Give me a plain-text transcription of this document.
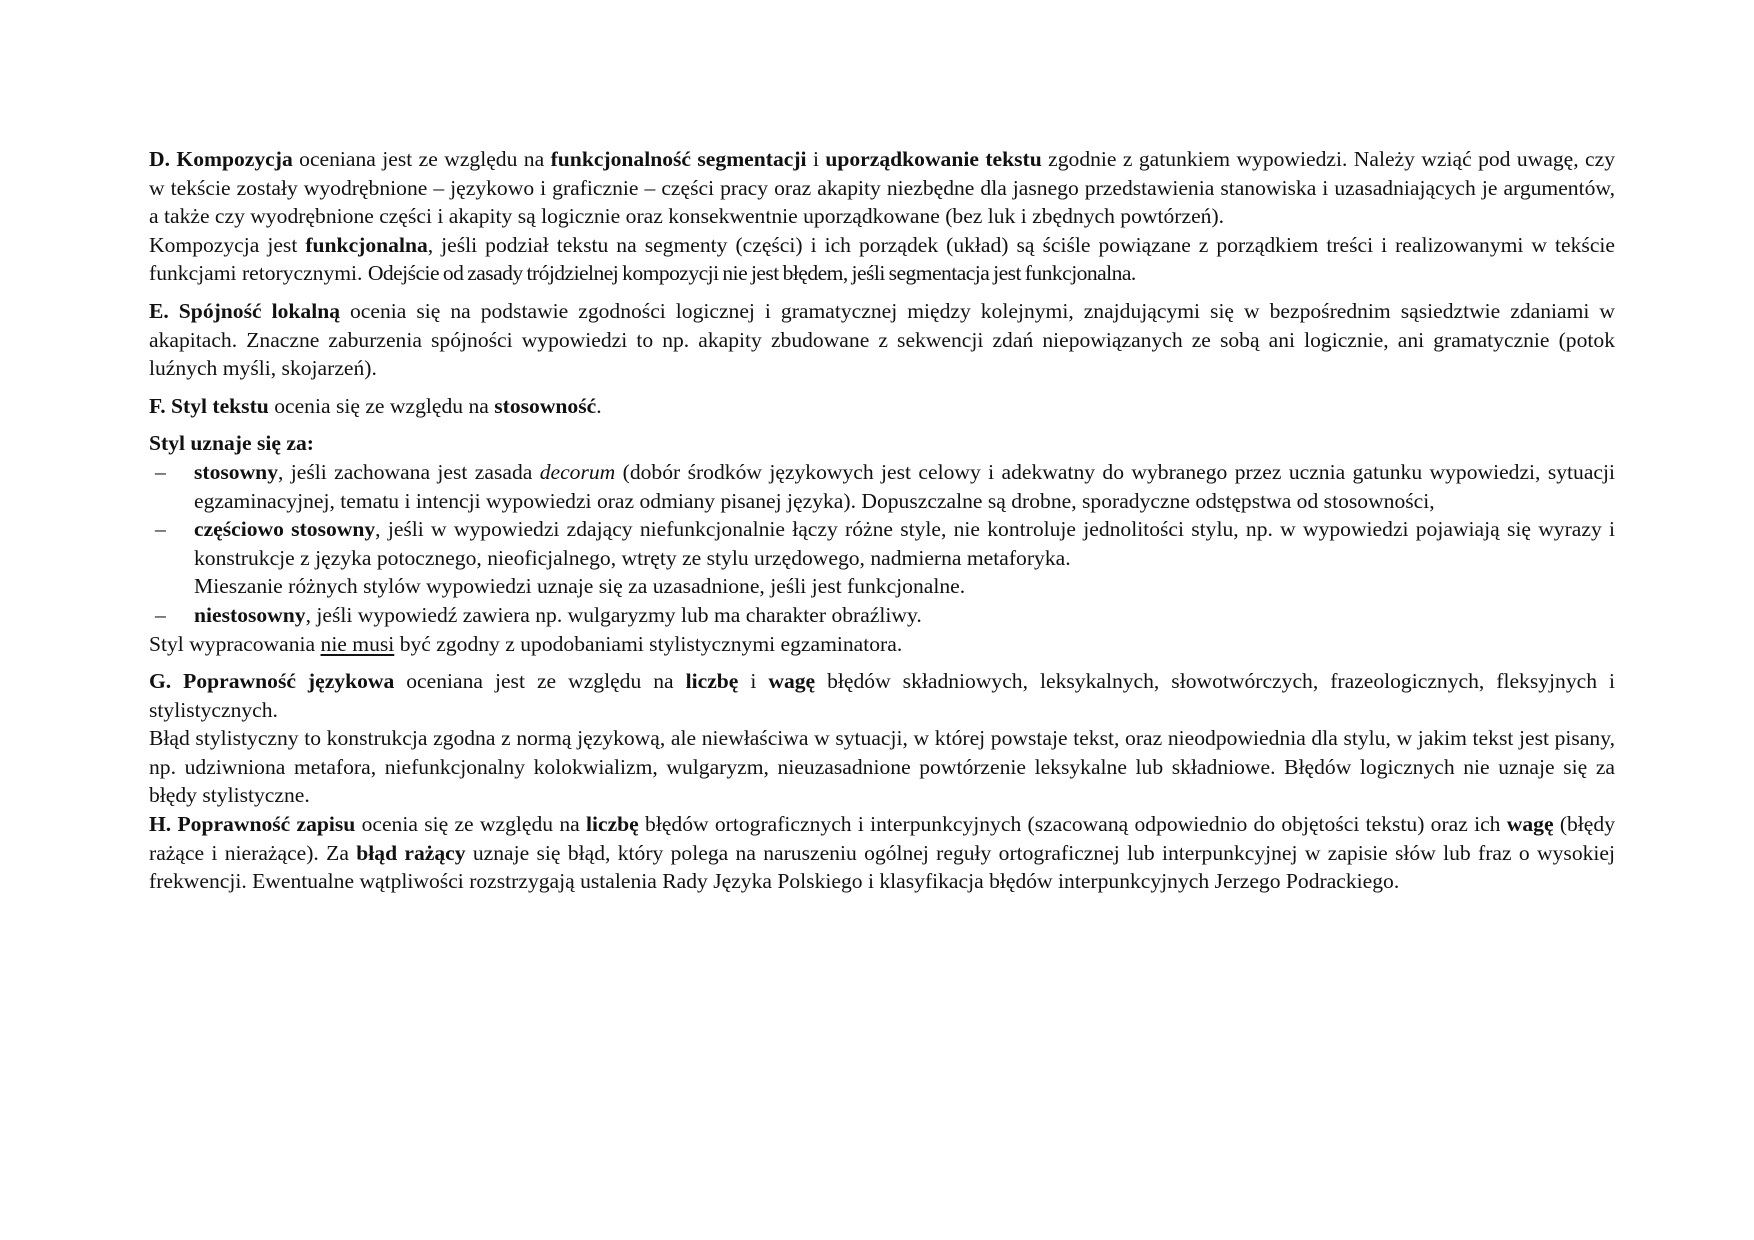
D. Kompozycja oceniana jest ze względu na funkcjonalność segmentacji i uporządkowanie tekstu zgodnie z gatunkiem wypowiedzi. Należy wziąć pod uwagę, czy w tekście zostały wyodrębnione – językowo i graficznie – części pracy oraz akapity niezbędne dla jasnego przedstawienia stanowiska i uzasadniających je argumentów, a także czy wyodrębnione części i akapity są logicznie oraz konsekwentnie uporządkowane (bez luk i zbędnych powtórzeń).

Kompozycja jest funkcjonalna, jeśli podział tekstu na segmenty (części) i ich porządek (układ) są ściśle powiązane z porządkiem treści i realizowanymi w tekście funkcjami retorycznymi. Odejście od zasady trójdzielnej kompozycji nie jest błędem, jeśli segmentacja jest funkcjonalna.

E. Spójność lokalną ocenia się na podstawie zgodności logicznej i gramatycznej między kolejnymi, znajdującymi się w bezpośrednim sąsiedztwie zdaniami w akapitach. Znaczne zaburzenia spójności wypowiedzi to np. akapity zbudowane z sekwencji zdań niepowiązanych ze sobą ani logicznie, ani gramatycznie (potok luźnych myśli, skojarzeń).

F. Styl tekstu ocenia się ze względu na stosowność.

Styl uznaje się za:

– stosowny, jeśli zachowana jest zasada decorum (dobór środków językowych jest celowy i adekwatny do wybranego przez ucznia gatunku wypowiedzi, sytuacji egzaminacyjnej, tematu i intencji wypowiedzi oraz odmiany pisanej języka). Dopuszczalne są drobne, sporadyczne odstępstwa od stosowności,
– częściowo stosowny, jeśli w wypowiedzi zdający niefunkcjonalnie łączy różne style, nie kontroluje jednolitości stylu, np. w wypowiedzi pojawiają się wyrazy i konstrukcje z języka potocznego, nieoficjalnego, wtręty ze stylu urzędowego, nadmierna metaforyka.
Mieszanie różnych stylów wypowiedzi uznaje się za uzasadnione, jeśli jest funkcjonalne.
– niestosowny, jeśli wypowiedź zawiera np. wulgaryzmy lub ma charakter obraźliwy.

Styl wypracowania nie musi być zgodny z upodobaniami stylistycznymi egzaminatora.

G. Poprawność językowa oceniana jest ze względu na liczbę i wagę błędów składniowych, leksykalnych, słowotwórczych, frazeologicznych, fleksyjnych i stylistycznych.

Błąd stylistyczny to konstrukcja zgodna z normą językową, ale niewłaściwa w sytuacji, w której powstaje tekst, oraz nieodpowiednia dla stylu, w jakim tekst jest pisany, np. udziwniona metafora, niefunkcjonalny kolokwializm, wulgaryzm, nieuzasadnione powtórzenie leksykalne lub składniowe. Błędów logicznych nie uznaje się za błędy stylistyczne.

H. Poprawność zapisu ocenia się ze względu na liczbę błędów ortograficznych i interpunkcyjnych (szacowaną odpowiednio do objętości tekstu) oraz ich wagę (błędy rażące i nierażące). Za błąd rażący uznaje się błąd, który polega na naruszeniu ogólnej reguły ortograficznej lub interpunkcyjnej w zapisie słów lub fraz o wysokiej frekwencji. Ewentualne wątpliwości rozstrzygają ustalenia Rady Języka Polskiego i klasyfikacja błędów interpunkcyjnych Jerzego Podrackiego.
